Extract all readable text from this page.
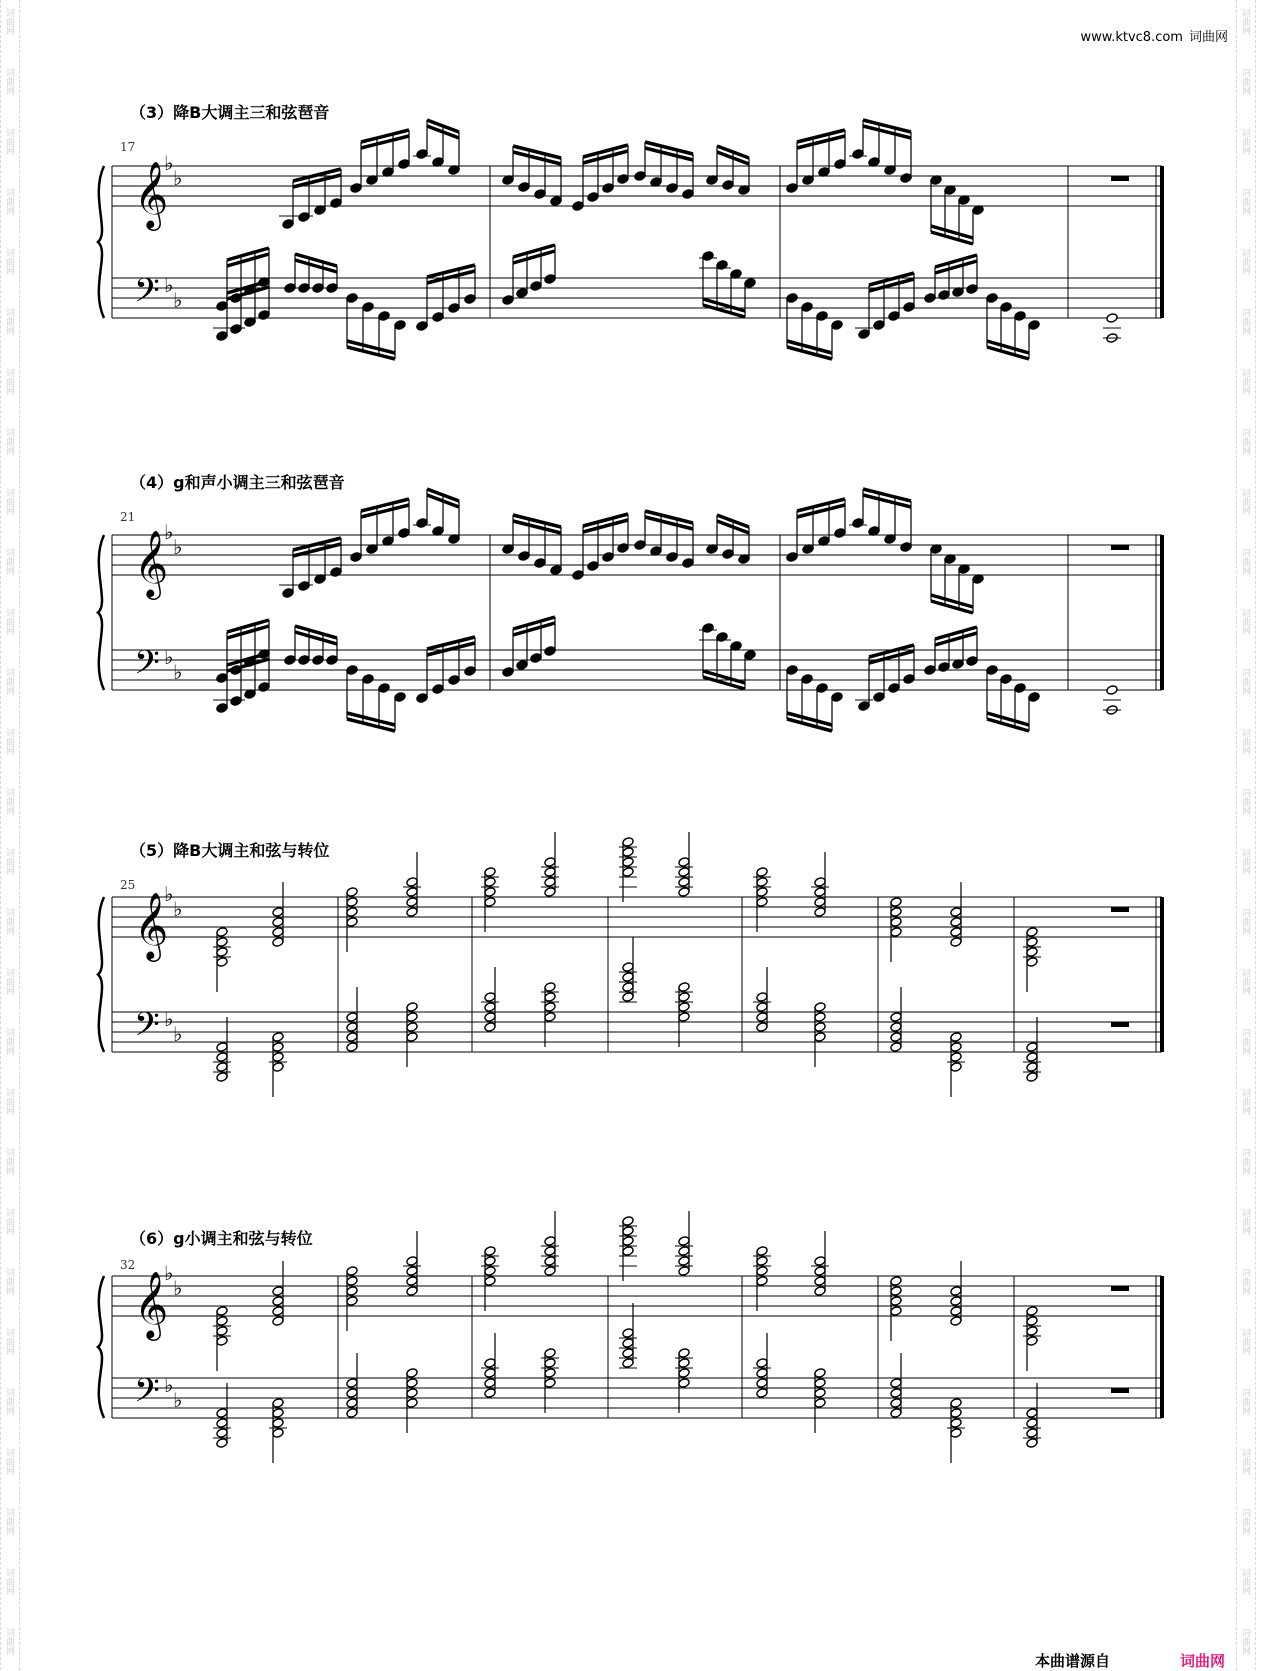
词曲网
词曲网
词曲网
词曲网
词曲网
词曲网
词曲网
词曲网
词曲网
词曲网
词曲网
词曲网
词曲网
词曲网
词曲网
词曲网
词曲网
词曲网
词曲网
词曲网
词曲网
词曲网
词曲网
词曲网
词曲网
词曲网
词曲网
词曲网
词曲网
词曲网
词曲网
词曲网
词曲网
词曲网
词曲网
词曲网
词曲网
词曲网
词曲网
词曲网
词曲网
词曲网
词曲网
词曲网
词曲网
词曲网
词曲网
词曲网
词曲网
词曲网
词曲网
词曲网
词曲网
词曲网
词曲网
词曲网
www.ktvc8.com 词曲网
（3）降B大调主三和弦琶音
17
（4）g和声小调主三和弦琶音
21
（5）降B大调主和弦与转位
25
（6）g小调主和弦与转位
32
𝄞
𝄢
♭
♭
♭
♭
𝄞
𝄢
♭
♭
♭
♭
𝄞
𝄢
♭
♭
♭
♭
𝄞
𝄢
♭
♭
♭
♭
本曲谱源自	词曲网
